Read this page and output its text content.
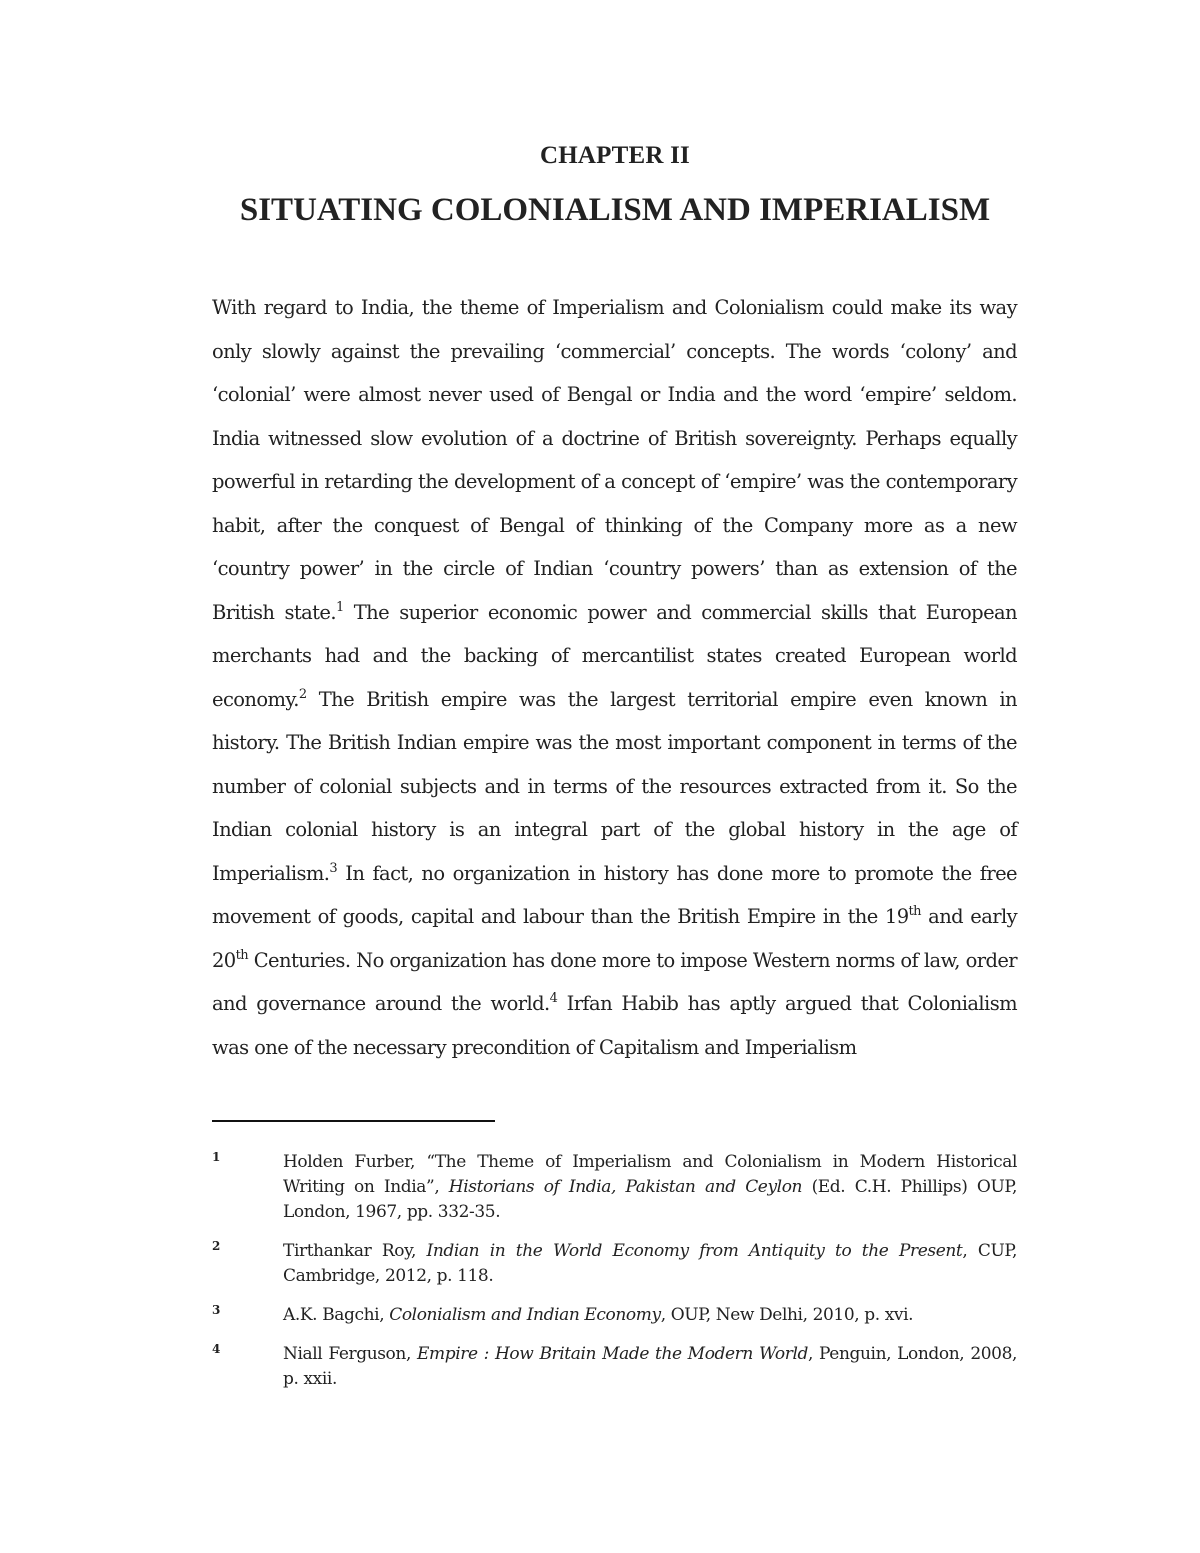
CHAPTER II
SITUATING COLONIALISM AND IMPERIALISM
With regard to India, the theme of Imperialism and Colonialism could make its way only slowly against the prevailing ‘commercial’ concepts. The words ‘colony’ and ‘colonial’ were almost never used of Bengal or India and the word ‘empire’ seldom. India witnessed slow evolution of a doctrine of British sovereignty. Perhaps equally powerful in retarding the development of a concept of ‘empire’ was the contemporary habit, after the conquest of Bengal of thinking of the Company more as a new ‘country power’ in the circle of Indian ‘country powers’ than as extension of the British state.$^1$ The superior economic power and commercial skills that European merchants had and the backing of mercantilist states created European world economy.$^2$ The British empire was the largest territorial empire even known in history. The British Indian empire was the most important component in terms of the number of colonial subjects and in terms of the resources extracted from it. So the Indian colonial history is an integral part of the global history in the age of Imperialism.$^3$ In fact, no organization in history has done more to promote the free movement of goods, capital and labour than the British Empire in the 19th and early 20th Centuries. No organization has done more to impose Western norms of law, order and governance around the world.$^4$ Irfan Habib has aptly argued that Colonialism was one of the necessary precondition of Capitalism and Imperialism
1	Holden Furber, “The Theme of Imperialism and Colonialism in Modern Historical Writing on India”, Historians of India, Pakistan and Ceylon (Ed. C.H. Phillips) OUP, London, 1967, pp. 332-35.
2	Tirthankar Roy, Indian in the World Economy from Antiquity to the Present, CUP, Cambridge, 2012, p. 118.
3	A.K. Bagchi, Colonialism and Indian Economy, OUP, New Delhi, 2010, p. xvi.
4	Niall Ferguson, Empire : How Britain Made the Modern World, Penguin, London, 2008, p. xxii.
